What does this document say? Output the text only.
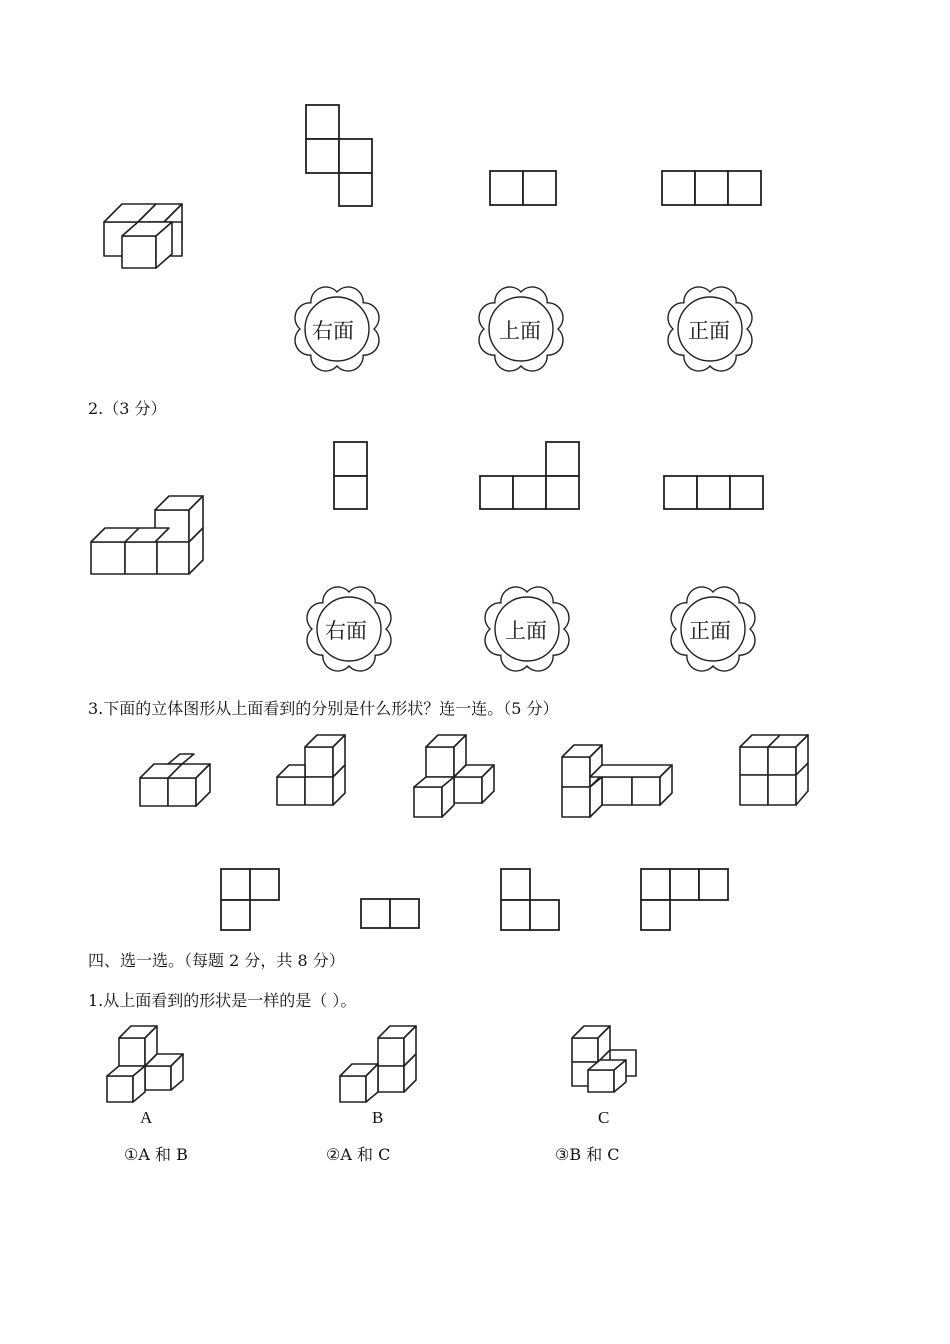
右面	上面	正面
2.（3 分）
右面	上面	正面
3.下面的立体图形从上面看到的分别是什么形状？连一连。（5 分）
四、选一选。（每题 2 分，共 8 分）
1.从上面看到的形状是一样的是（ ）。
A	B	C
①A 和 B	②A 和 C	③B 和 C
